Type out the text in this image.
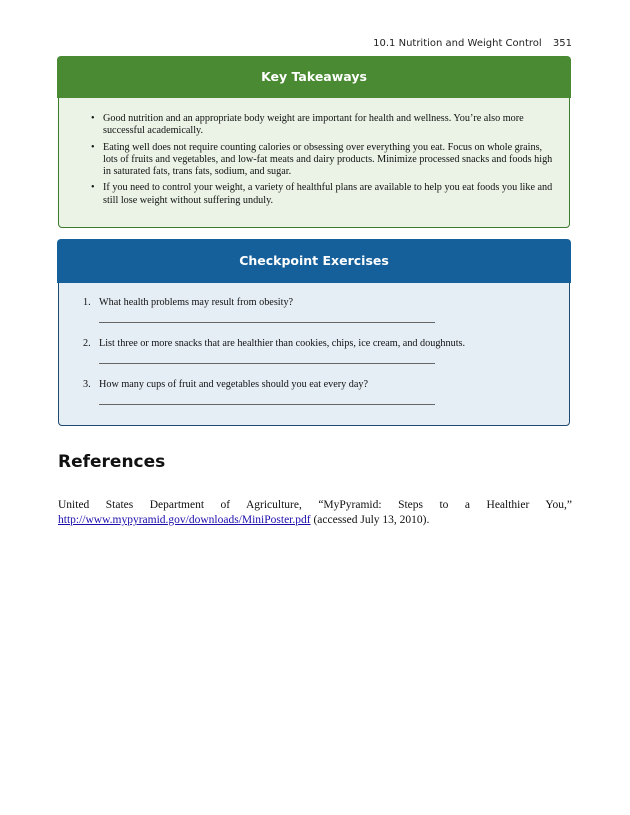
10.1 Nutrition and Weight Control 351
Key Takeaways
• Good nutrition and an appropriate body weight are important for health and wellness. You’re also more successful academically.
• Eating well does not require counting calories or obsessing over everything you eat. Focus on whole grains, lots of fruits and vegetables, and low-fat meats and dairy products. Minimize processed snacks and foods high in saturated fats, trans fats, sodium, and sugar.
• If you need to control your weight, a variety of healthful plans are available to help you eat foods you like and still lose weight without suffering unduly.
Checkpoint Exercises
1. What health problems may result from obesity?
2. List three or more snacks that are healthier than cookies, chips, ice cream, and doughnuts.
3. How many cups of fruit and vegetables should you eat every day?
References

United States Department of Agriculture, “MyPyramid: Steps to a Healthier You,” http://www.mypyramid.gov/downloads/MiniPoster.pdf (accessed July 13, 2010).
